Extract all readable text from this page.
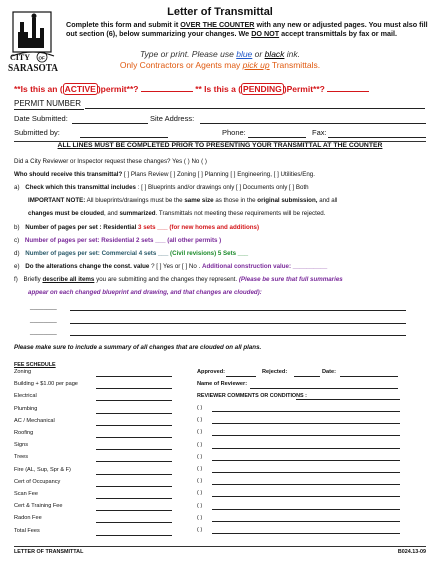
CITY OF
SARASOTA
Letter of Transmittal
Complete this form and submit it OVER THE COUNTER with any new or adjusted pages. You must also fill out section (6), below summarizing your changes. We DO NOT accept transmittals by fax or mail.
Type or print. Please use blue or black ink.
Only Contractors or Agents may pick up Transmittals.
**Is this an ( ACTIVE )permit**?	** Is this a ( PENDING )Permit**?
PERMIT NUMBER
Date Submitted:	Site Address:
Submitted by:	Phone:	Fax:
ALL LINES MUST BE COMPLETED PRIOR TO PRESENTING YOUR TRANSMITTAL AT THE COUNTER
Did a City Reviewer or Inspector request these changes? Yes ( ) No ( )
Who should receive this transmittal? [ ] Plans Review [ ] Zoning [ ] Planning [ ] Engineering, [ ] Utilities/Eng.
a) Check which this transmittal includes : [ ] Blueprints and/or drawings only [ ] Documents only [ ] Both
IMPORTANT NOTE: All blueprints/drawings must be the same size as those in the original submission, and all
changes must be clouded, and summarized. Transmittals not meeting these requirements will be rejected.
b) Number of pages per set : Residential 3 sets ___ (for new homes and additions)
c) Number of pages per set: Residential 2 sets ___ (all other permits )
d) Number of pages per set: Commercial 4 sets ___ (Civil revisions) 5 Sets ___
e) Do the alterations change the const. value ? [ ] Yes or [ ] No . Additional construction value: __________
f) Briefly describe all items you are submitting and the changes they represent. (Please be sure that full summaries
appear on each changed blueprint and drawing, and that changes are clouded):
________
________
________
Please make sure to include a summary of all changes that are clouded on all plans.
FEE SCHEDULE
Zoning
Building + $1.00 per page
Electrical
Plumbing
AC / Mechanical
Roofing
Signs
Trees
Fire (AL, Sup, Spr & F)
Cert of Occupancy
Scan Fee
Cert & Training Fee
Radon Fee
Total Fees
Approved:	Rejected:	Date:
Name of Reviewer:
REVIEWER COMMENTS OR CONDITIONS :
( )
( )
( )
( )
( )
( )
( )
( )
( )
( )
( )
LETTER OF TRANSMITTAL	B024.13-09
